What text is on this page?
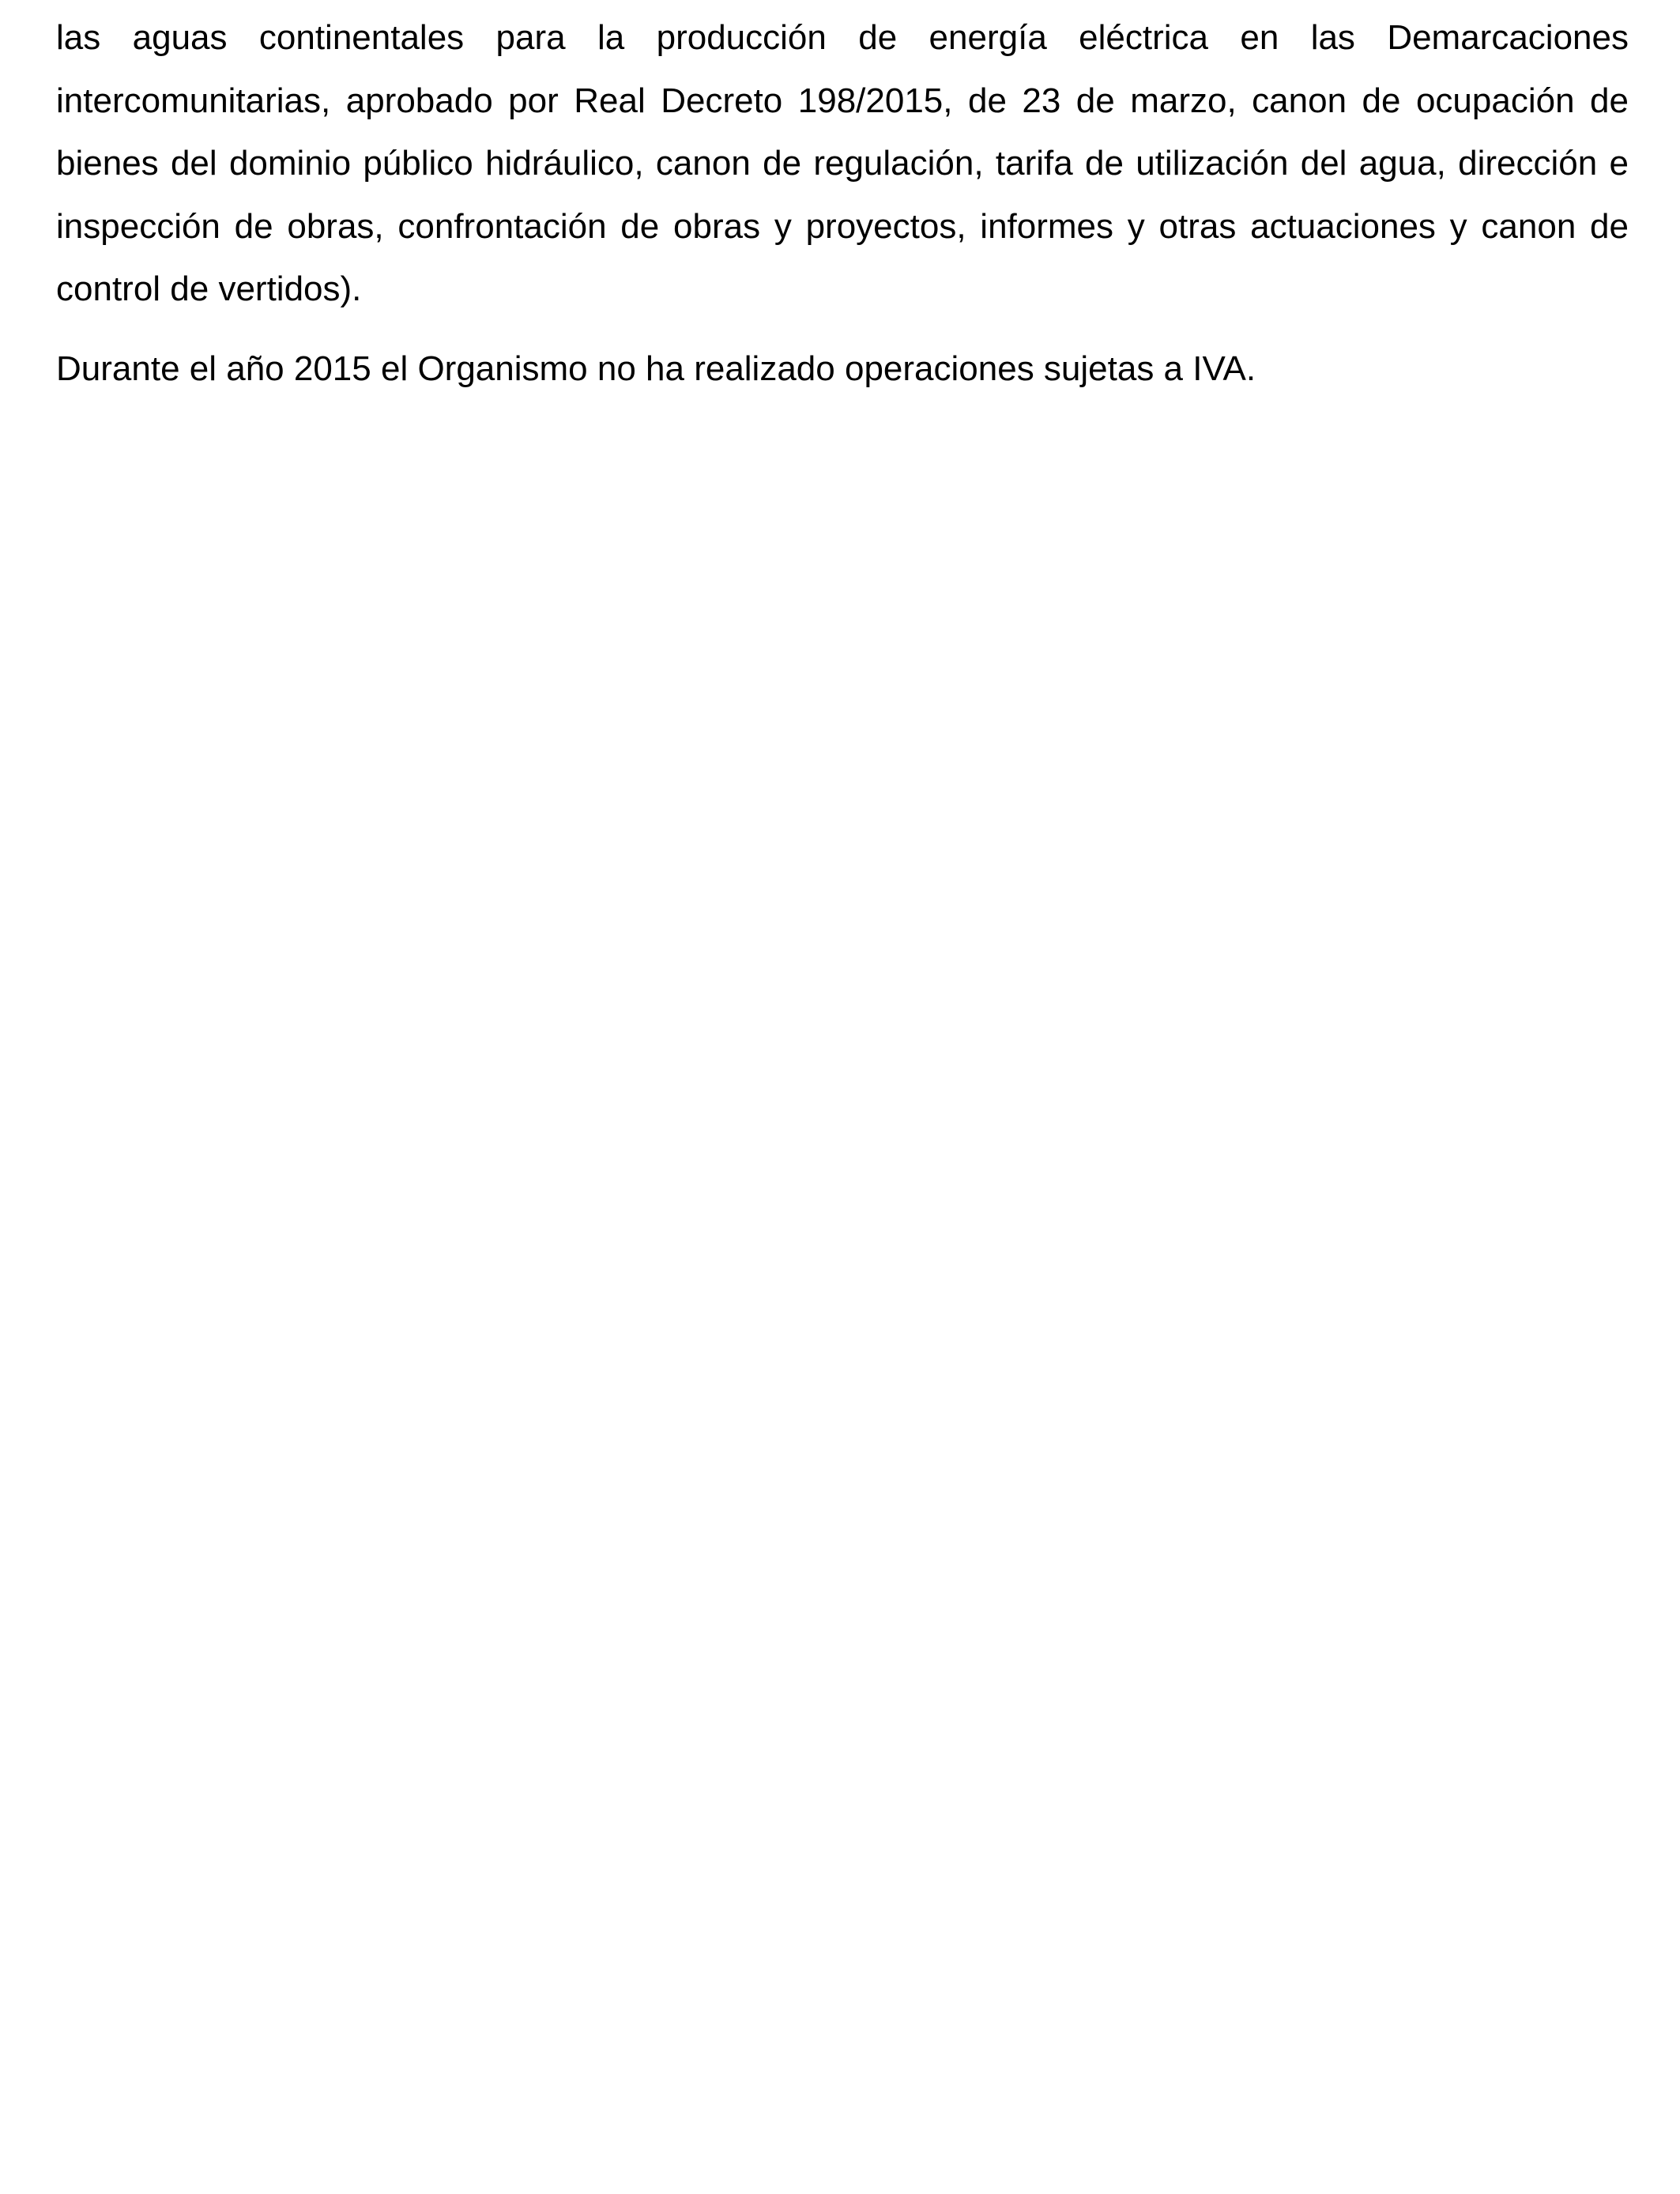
las aguas continentales para la producción de energía eléctrica en las Demarcaciones intercomunitarias, aprobado por Real Decreto 198/2015, de 23 de marzo, canon de ocupación de bienes del dominio público hidráulico, canon de regulación, tarifa de utilización del agua, dirección e inspección de obras, confrontación de obras y proyectos, informes y otras actuaciones y canon de control de vertidos).

Durante el año 2015 el Organismo no ha realizado operaciones sujetas a IVA.
